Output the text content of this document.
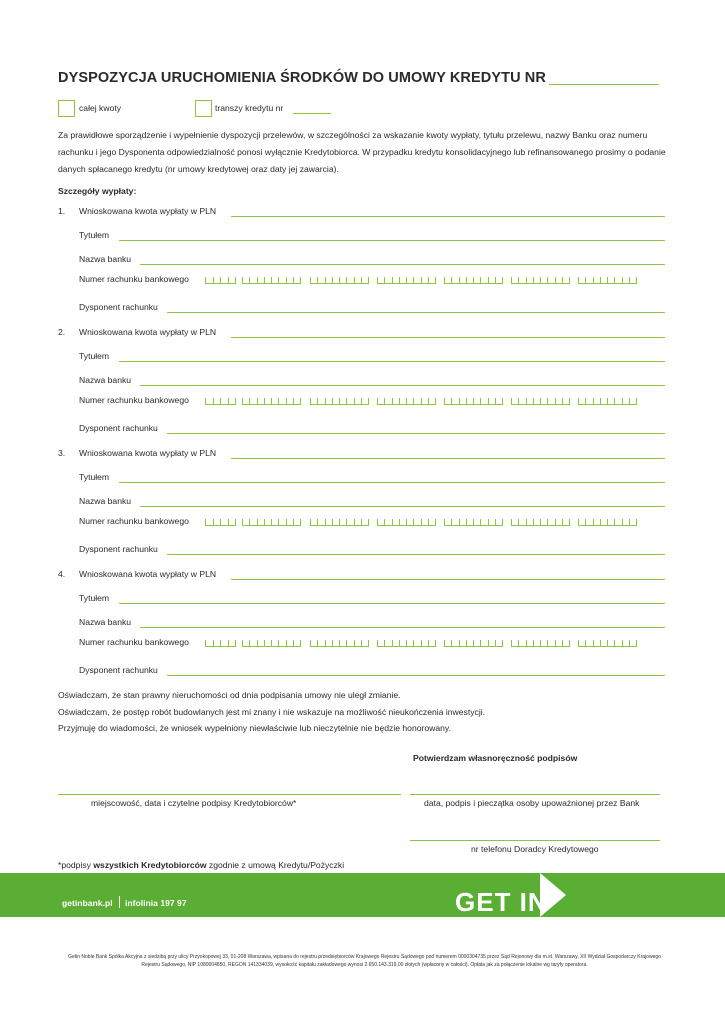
DYSPOZYCJA URUCHOMIENIA ŚRODKÓW DO UMOWY KREDYTU NR
całej kwoty	transzy kredytu nr
Za prawidłowe sporządzenie i wypełnienie dyspozycji przelewów, w szczególności za wskazanie kwoty wypłaty, tytułu przelewu, nazwy Banku oraz numeru rachunku i jego Dysponenta odpowiedzialność ponosi wyłącznie Kredytobiorca. W przypadku kredytu konsolidacyjnego lub refinansowanego prosimy o podanie danych spłacanego kredytu (nr umowy kredytowej oraz daty jej zawarcia).
Szczegóły wypłaty:
1. Wnioskowana kwota wypłaty w PLN
Tytułem
Nazwa banku
Numer rachunku bankowego
Dysponent rachunku
2. Wnioskowana kwota wypłaty w PLN
Tytułem
Nazwa banku
Numer rachunku bankowego
Dysponent rachunku
3. Wnioskowana kwota wypłaty w PLN
Tytułem
Nazwa banku
Numer rachunku bankowego
Dysponent rachunku
4. Wnioskowana kwota wypłaty w PLN
Tytułem
Nazwa banku
Numer rachunku bankowego
Dysponent rachunku
Oświadczam, że stan prawny nieruchomości od dnia podpisania umowy nie uległ zmianie.
Oświadczam, że postęp robót budowlanych jest mi znany i nie wskazuje na możliwość nieukończenia inwestycji.
Przyjmuję do wiadomości, że wniosek wypełniony niewłaściwie lub nieczytelnie nie będzie honorowany.
Potwierdzam własnoręczność podpisów
miejscowość, data i czytelne podpisy Kredytobiorców*	data, podpis i pieczątka osoby upoważnionej przez Bank
nr telefonu Doradcy Kredytowego
*podpisy wszystkich Kredytobiorców zgodnie z umową Kredytu/Pożyczki
getinbank.pl infolinia 197 97	GET IN BANK
Getin Noble Bank Spółka Akcyjna z siedzibą przy ulicy Przyokopowej 33, 01-208 Warszawa, wpisana do rejestru przedsiębiorców Krajowego Rejestru Sądowego pod numerem 0000304735 przez Sąd Rejonowy dla m.st. Warszawy, XII Wydział Gospodarczy Krajowego Rejestru Sądowego, NIP 1080004850, REGON 141334039, wysokość kapitału zakładowego wynosi 2.650.143.319,00 złotych (wpłacony w całości). Opłata jak za połączenie lokalne wg taryfy operatora.
